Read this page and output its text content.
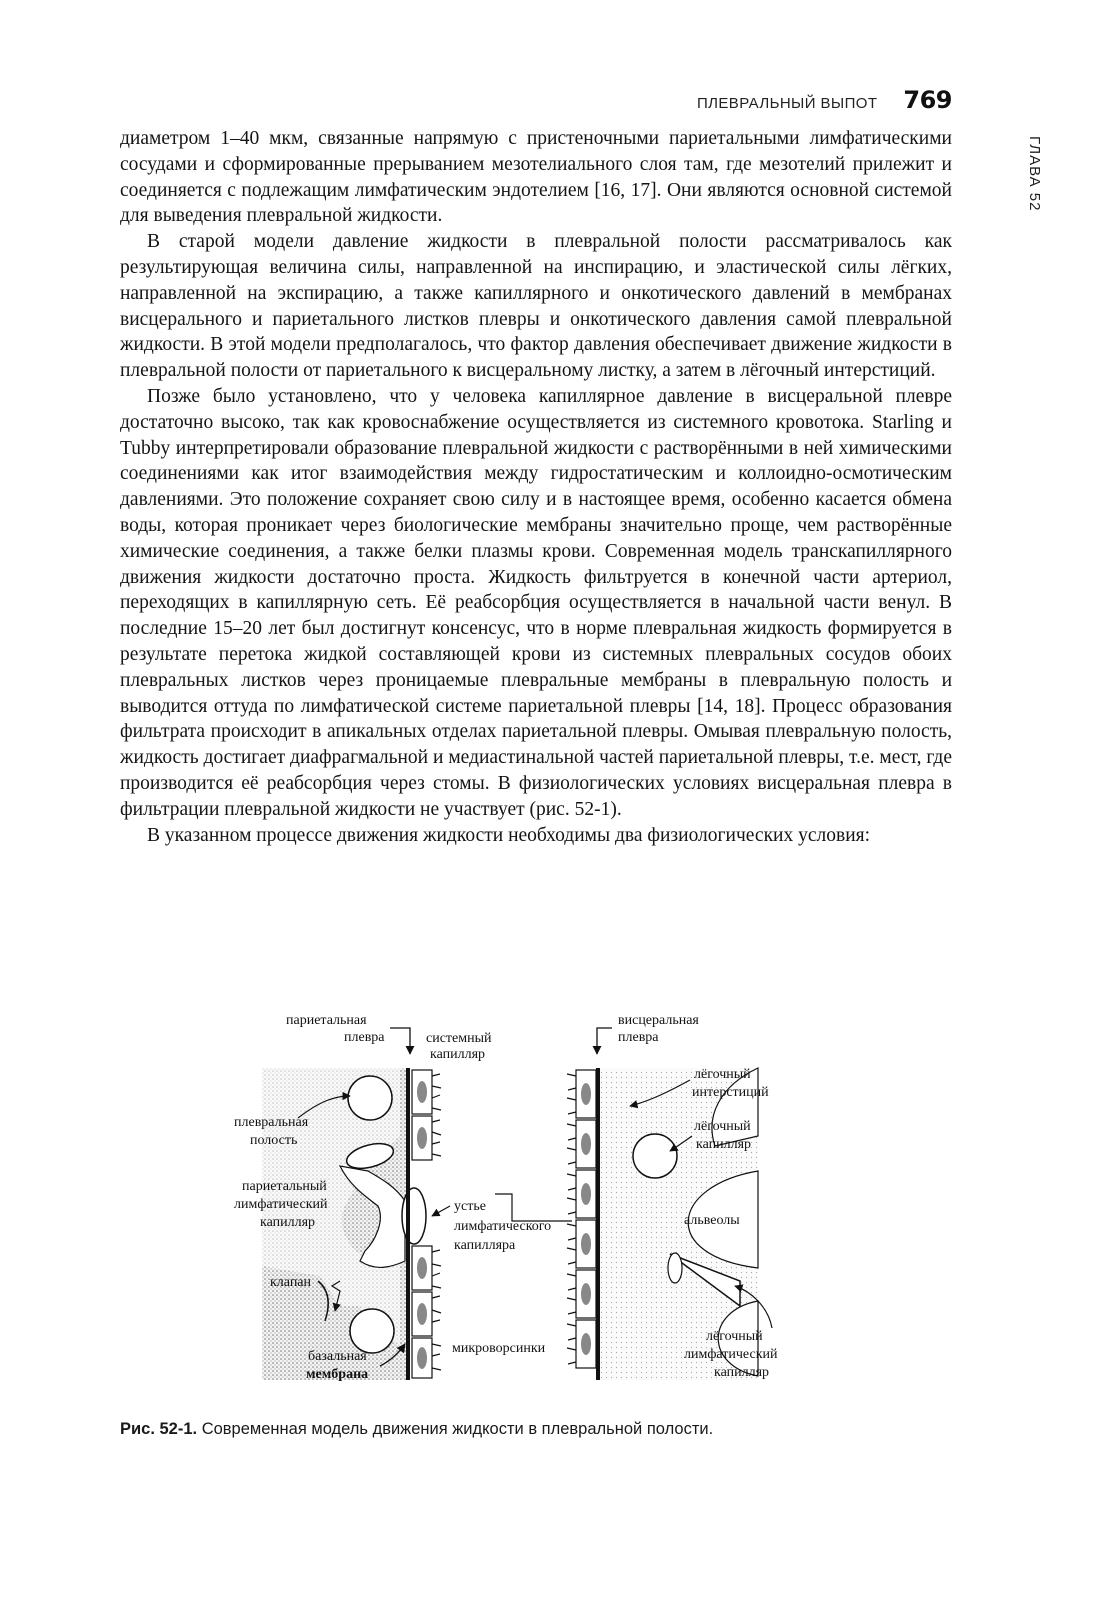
ПЛЕВРАЛЬНЫЙ ВЫПОТ 769
ГЛАВА 52

диаметром 1–40 мкм, связанные напрямую с пристеночными париетальными лимфатическими сосудами и сформированные прерыванием мезотелиального слоя там, где мезотелий прилежит и соединяется с подлежащим лимфатическим эндотелием [16, 17]. Они являются основной системой для выведения плевральной жидкости.

В старой модели давление жидкости в плевральной полости рассматривалось как результирующая величина силы, направленной на инспирацию, и эластической силы лёгких, направленной на экспирацию, а также капиллярного и онкотического давлений в мембранах висцерального и париетального листков плевры и онкотического давления самой плевральной жидкости. В этой модели предполагалось, что фактор давления обеспечивает движение жидкости в плевральной полости от париетального к висцеральному листку, а затем в лёгочный интерстиций.

Позже было установлено, что у человека капиллярное давление в висцеральной плевре достаточно высоко, так как кровоснабжение осуществляется из системного кровотока. Starling и Tubby интерпретировали образование плевральной жидкости с растворёнными в ней химическими соединениями как итог взаимодействия между гидростатическим и коллоидно-осмотическим давлениями. Это положение сохраняет свою силу и в настоящее время, особенно касается обмена воды, которая проникает через биологические мембраны значительно проще, чем растворённые химические соединения, а также белки плазмы крови. Современная модель транскапиллярного движения жидкости достаточно проста. Жидкость фильтруется в конечной части артериол, переходящих в капиллярную сеть. Её реабсорбция осуществляется в начальной части венул. В последние 15–20 лет был достигнут консенсус, что в норме плевральная жидкость формируется в результате перетока жидкой составляющей крови из системных плевральных сосудов обоих плевральных листков через проницаемые плевральные мембраны в плевральную полость и выводится оттуда по лимфатической системе париетальной плевры [14, 18]. Процесс образования фильтрата происходит в апикальных отделах париетальной плевры. Омывая плевральную полость, жидкость достигает диафрагмальной и медиастинальной частей париетальной плевры, т.е. мест, где производится её реабсорбция через стомы. В физиологических условиях висцеральная плевра в фильтрации плевральной жидкости не участвует (рис. 52-1).

В указанном процессе движения жидкости необходимы два физиологических условия:

париетальная
плевра	системный
капилляр
висцеральная
плевра
плевральная
полость
париетальный
лимфатический
капилляр
устье
лимфатического
капилляра
клапан
базальная
мембрана
микроворсинки
лёгочный
интерстиций
лёгочный
капилляр
альвеолы
лёгочный
лимфатический
капилляр
Рис. 52-1. Современная модель движения жидкости в плевральной полости.
